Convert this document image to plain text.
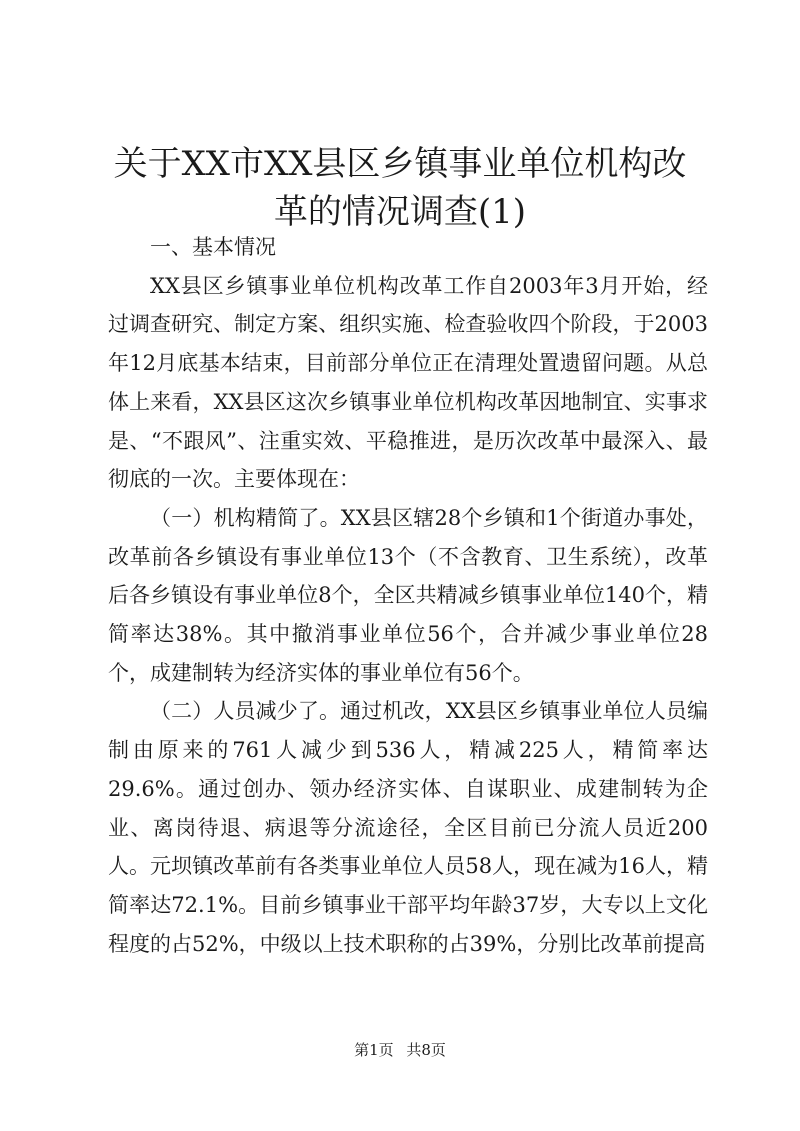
关于XX市XX县区乡镇事业单位机构改革的情况调查(1)

一、基本情况

XX县区乡镇事业单位机构改革工作自2003年3月开始，经过调查研究、制定方案、组织实施、检查验收四个阶段，于2003年12月底基本结束，目前部分单位正在清理处置遗留问题。从总体上来看，XX县区这次乡镇事业单位机构改革因地制宜、实事求是、“不跟风”、注重实效、平稳推进，是历次改革中最深入、最彻底的一次。主要体现在：

（一）机构精简了。XX县区辖28个乡镇和1个街道办事处，改革前各乡镇设有事业单位13个（不含教育、卫生系统），改革后各乡镇设有事业单位8个，全区共精减乡镇事业单位140个，精简率达38%。其中撤消事业单位56个，合并减少事业单位28个，成建制转为经济实体的事业单位有56个。

（二）人员减少了。通过机改，XX县区乡镇事业单位人员编制由原来的761人减少到536人，精减225人，精简率达29.6%。通过创办、领办经济实体、自谋职业、成建制转为企业、离岗待退、病退等分流途径，全区目前已分流人员近200人。元坝镇改革前有各类事业单位人员58人，现在减为16人，精简率达72.1%。目前乡镇事业干部平均年龄37岁，大专以上文化程度的占52%，中级以上技术职称的占39%，分别比改革前提高

第1页 共8页
